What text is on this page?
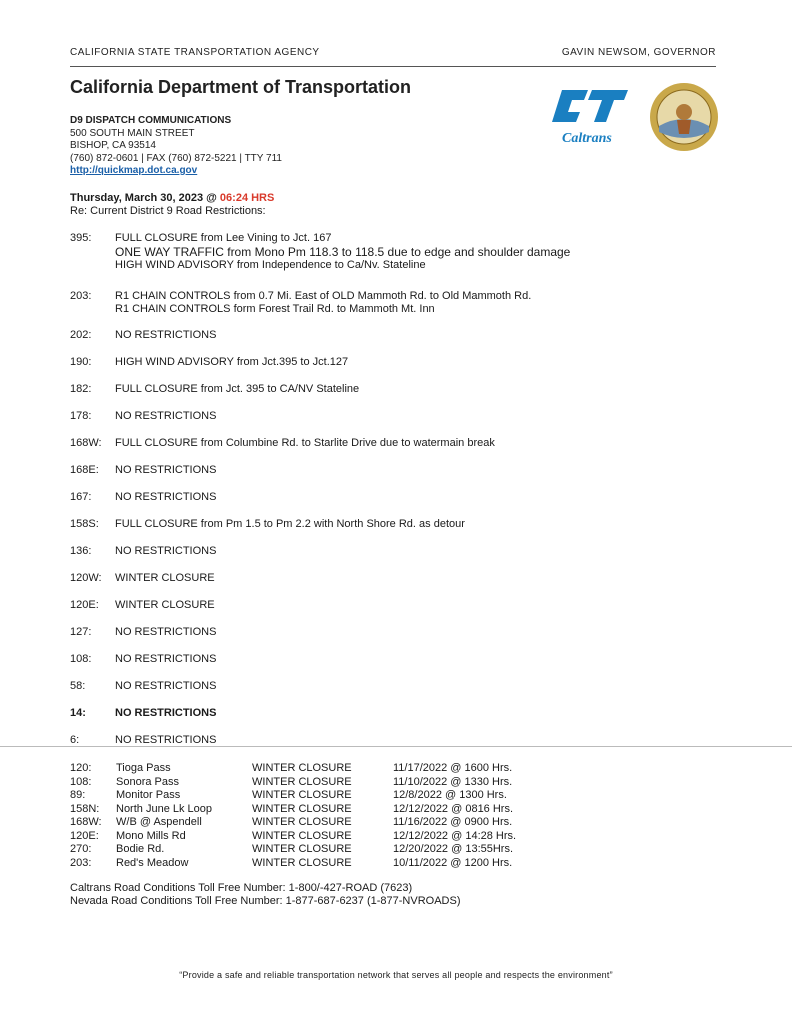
CALIFORNIA STATE TRANSPORTATION AGENCY	GAVIN NEWSOM, GOVERNOR
California Department of Transportation
Caltrans
D9 DISPATCH COMMUNICATIONS
500 SOUTH MAIN STREET
BISHOP, CA 93514
(760) 872-0601 | FAX (760) 872-5221 | TTY 711
http://quickmap.dot.ca.gov
Thursday, March 30, 2023 @ 06:24 HRS
Re: Current District 9 Road Restrictions:
395:	FULL CLOSURE from Lee Vining to Jct. 167
ONE WAY TRAFFIC from Mono Pm 118.3 to 118.5 due to edge and shoulder damage
HIGH WIND ADVISORY from Independence to Ca/Nv. Stateline
203:	R1 CHAIN CONTROLS from 0.7 Mi. East of OLD Mammoth Rd. to Old Mammoth Rd.
R1 CHAIN CONTROLS form Forest Trail Rd. to Mammoth Mt. Inn
202:	NO RESTRICTIONS
190:	HIGH WIND ADVISORY from Jct.395 to Jct.127
182:	FULL CLOSURE from Jct. 395 to CA/NV Stateline
178:	NO RESTRICTIONS
168W:	FULL CLOSURE from Columbine Rd. to Starlite Drive due to watermain break
168E:	NO RESTRICTIONS
167:	NO RESTRICTIONS
158S:	FULL CLOSURE from Pm 1.5 to Pm 2.2 with North Shore Rd. as detour
136:	NO RESTRICTIONS
120W:	WINTER CLOSURE
120E:	WINTER CLOSURE
127:	NO RESTRICTIONS
108:	NO RESTRICTIONS
58:	NO RESTRICTIONS
14:	NO RESTRICTIONS
6:	NO RESTRICTIONS
120: Tioga Pass	WINTER CLOSURE	11/17/2022 @ 1600 Hrs.
108: Sonora Pass	WINTER CLOSURE	11/10/2022 @ 1330 Hrs.
89:	Monitor Pass	WINTER CLOSURE	12/8/2022 @ 1300 Hrs.
158N: North June Lk Loop	WINTER CLOSURE	12/12/2022 @ 0816 Hrs.
168W: W/B @ Aspendell	WINTER CLOSURE	11/16/2022 @ 0900 Hrs.
120E: Mono Mills Rd	WINTER CLOSURE	12/12/2022 @ 14:28 Hrs.
270: Bodie Rd.	WINTER CLOSURE	12/20/2022 @ 13:55Hrs.
203: Red's Meadow	WINTER CLOSURE	10/11/2022 @ 1200 Hrs.
Caltrans Road Conditions Toll Free Number: 1-800/-427-ROAD (7623)
Nevada Road Conditions Toll Free Number: 1-877-687-6237 (1-877-NVROADS)
“Provide a safe and reliable transportation network that serves all people and respects the environment”
